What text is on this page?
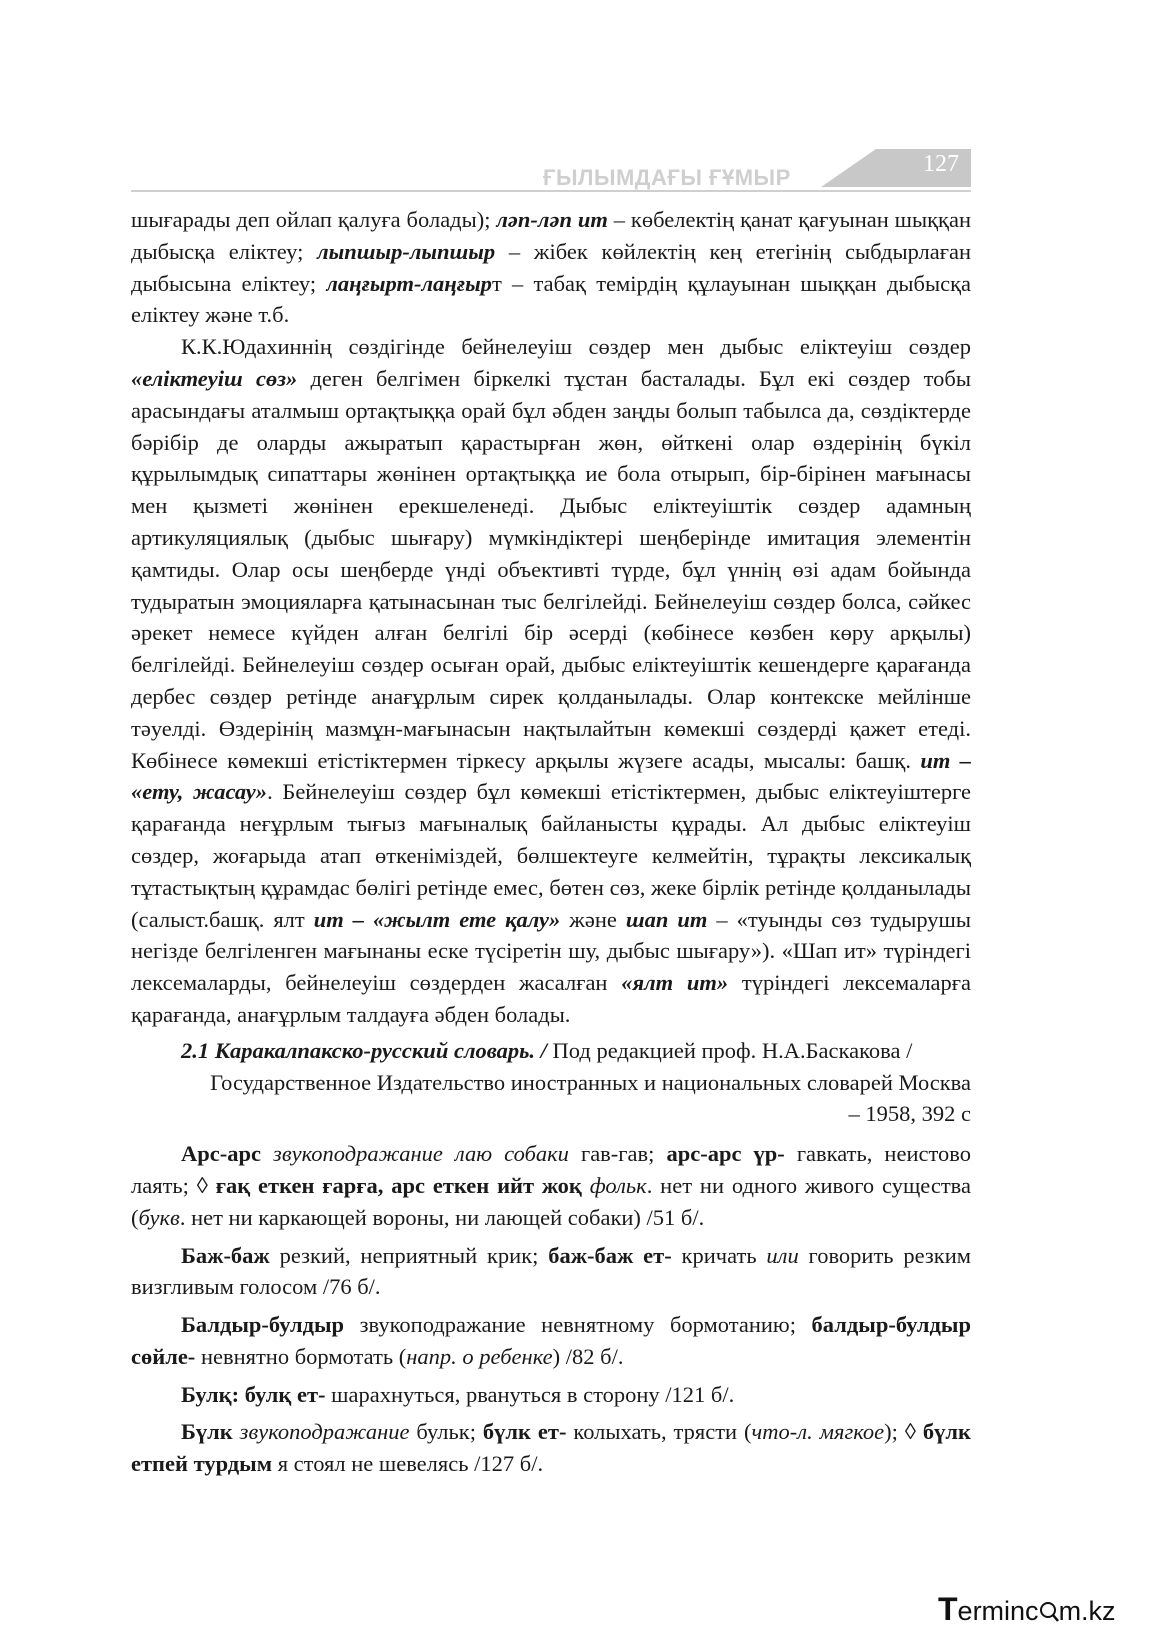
ҒЫЛЫМДАҒЫ ҒҰМЫР
127

шығарады деп ойлап қалуға болады); ләп-ләп ит – көбелектің қанат қағуынан шыққан дыбысқа еліктеу; лыпшыр-лыпшыр – жібек көйлектің кең етегінің сыбдырлаған дыбысына еліктеу; лаңғырт-лаңғырт – табақ темірдің құлауынан шыққан дыбысқа еліктеу және т.б.

К.К.Юдахиннің сөздігінде бейнелеуіш сөздер мен дыбыс еліктеуіш сөздер «еліктеуіш сөз» деген белгімен біркелкі тұстан басталады. Бұл екі сөздер тобы арасындағы аталмыш ортақтыққа орай бұл әбден заңды болып табылса да, сөздіктерде бәрібір де оларды ажыратып қарастырған жөн, өйткені олар өздерінің бүкіл құрылымдық сипаттары жөнінен ортақтыққа ие бола отырып, бір-бірінен мағынасы мен қызметі жөнінен ерекшеленеді. Дыбыс еліктеуіштік сөздер адамның артикуляциялық (дыбыс шығару) мүмкіндіктері шеңберінде имитация элементін қамтиды. Олар осы шеңберде үнді объективті түрде, бұл үннің өзі адам бойында тудыратын эмоцияларға қатынасынан тыс белгілейді. Бейнелеуіш сөздер болса, сәйкес әрекет немесе күйден алған белгілі бір әсерді (көбінесе көзбен көру арқылы) белгілейді. Бейнелеуіш сөздер осыған орай, дыбыс еліктеуіштік кешендерге қарағанда дербес сөздер ретінде анағұрлым сирек қолданылады. Олар контекске мейлінше тәуелді. Өздерінің мазмұн-мағынасын нақтылайтын көмекші сөздерді қажет етеді. Көбінесе көмекші етістіктермен тіркесу арқылы жүзеге асады, мысалы: башқ. ит – «ету, жасау». Бейнелеуіш сөздер бұл көмекші етістіктермен, дыбыс еліктеуіштерге қарағанда неғұрлым тығыз мағыналық байланысты құрады. Ал дыбыс еліктеуіш сөздер, жоғарыда атап өткеніміздей, бөлшектеуге келмейтін, тұрақты лексикалық тұтастықтың құрамдас бөлігі ретінде емес, бөтен сөз, жеке бірлік ретінде қолданылады (салыст.башқ. ялт ит – «жылт ете қалу» және шап ит – «туынды сөз тудырушы негізде белгіленген мағынаны еске түсіретін шу, дыбыс шығару»). «Шап ит» түріндегі лексемаларды, бейнелеуіш сөздерден жасалған «ялт ит» түріндегі лексемаларға қарағанда, анағұрлым талдауға әбден болады.

2.1 Каракалпакско-русский словарь. / Под редакцией проф. Н.А.Баскакова /
Государственное Издательство иностранных и национальных словарей Москва
– 1958, 392 с

Арс-арс звукоподражание лаю собаки гав-гав; арс-арс үр- гавкать, неистово лаять; ◊ ғақ еткен ғарға, арс еткен ийт жоқ фольк. нет ни одного живого существа (букв. нет ни каркающей вороны, ни лающей собаки) /51 б/.

Баж-баж резкий, неприятный крик; баж-баж ет- кричать или говорить резким визгливым голосом /76 б/.

Балдыр-булдыр звукоподражание невнятному бормотанию; балдыр-булдыр сөйле- невнятно бормотать (напр. о ребенке) /82 б/.

Булқ: булқ ет- шарахнуться, рвануться в сторону /121 б/.

Бүлк звукоподражание бульк; бүлк ет- колыхать, трясти (что-л. мягкое); ◊ бүлк етпей турдым я стоял не шевелясь /127 б/.

Terminc m.kz
